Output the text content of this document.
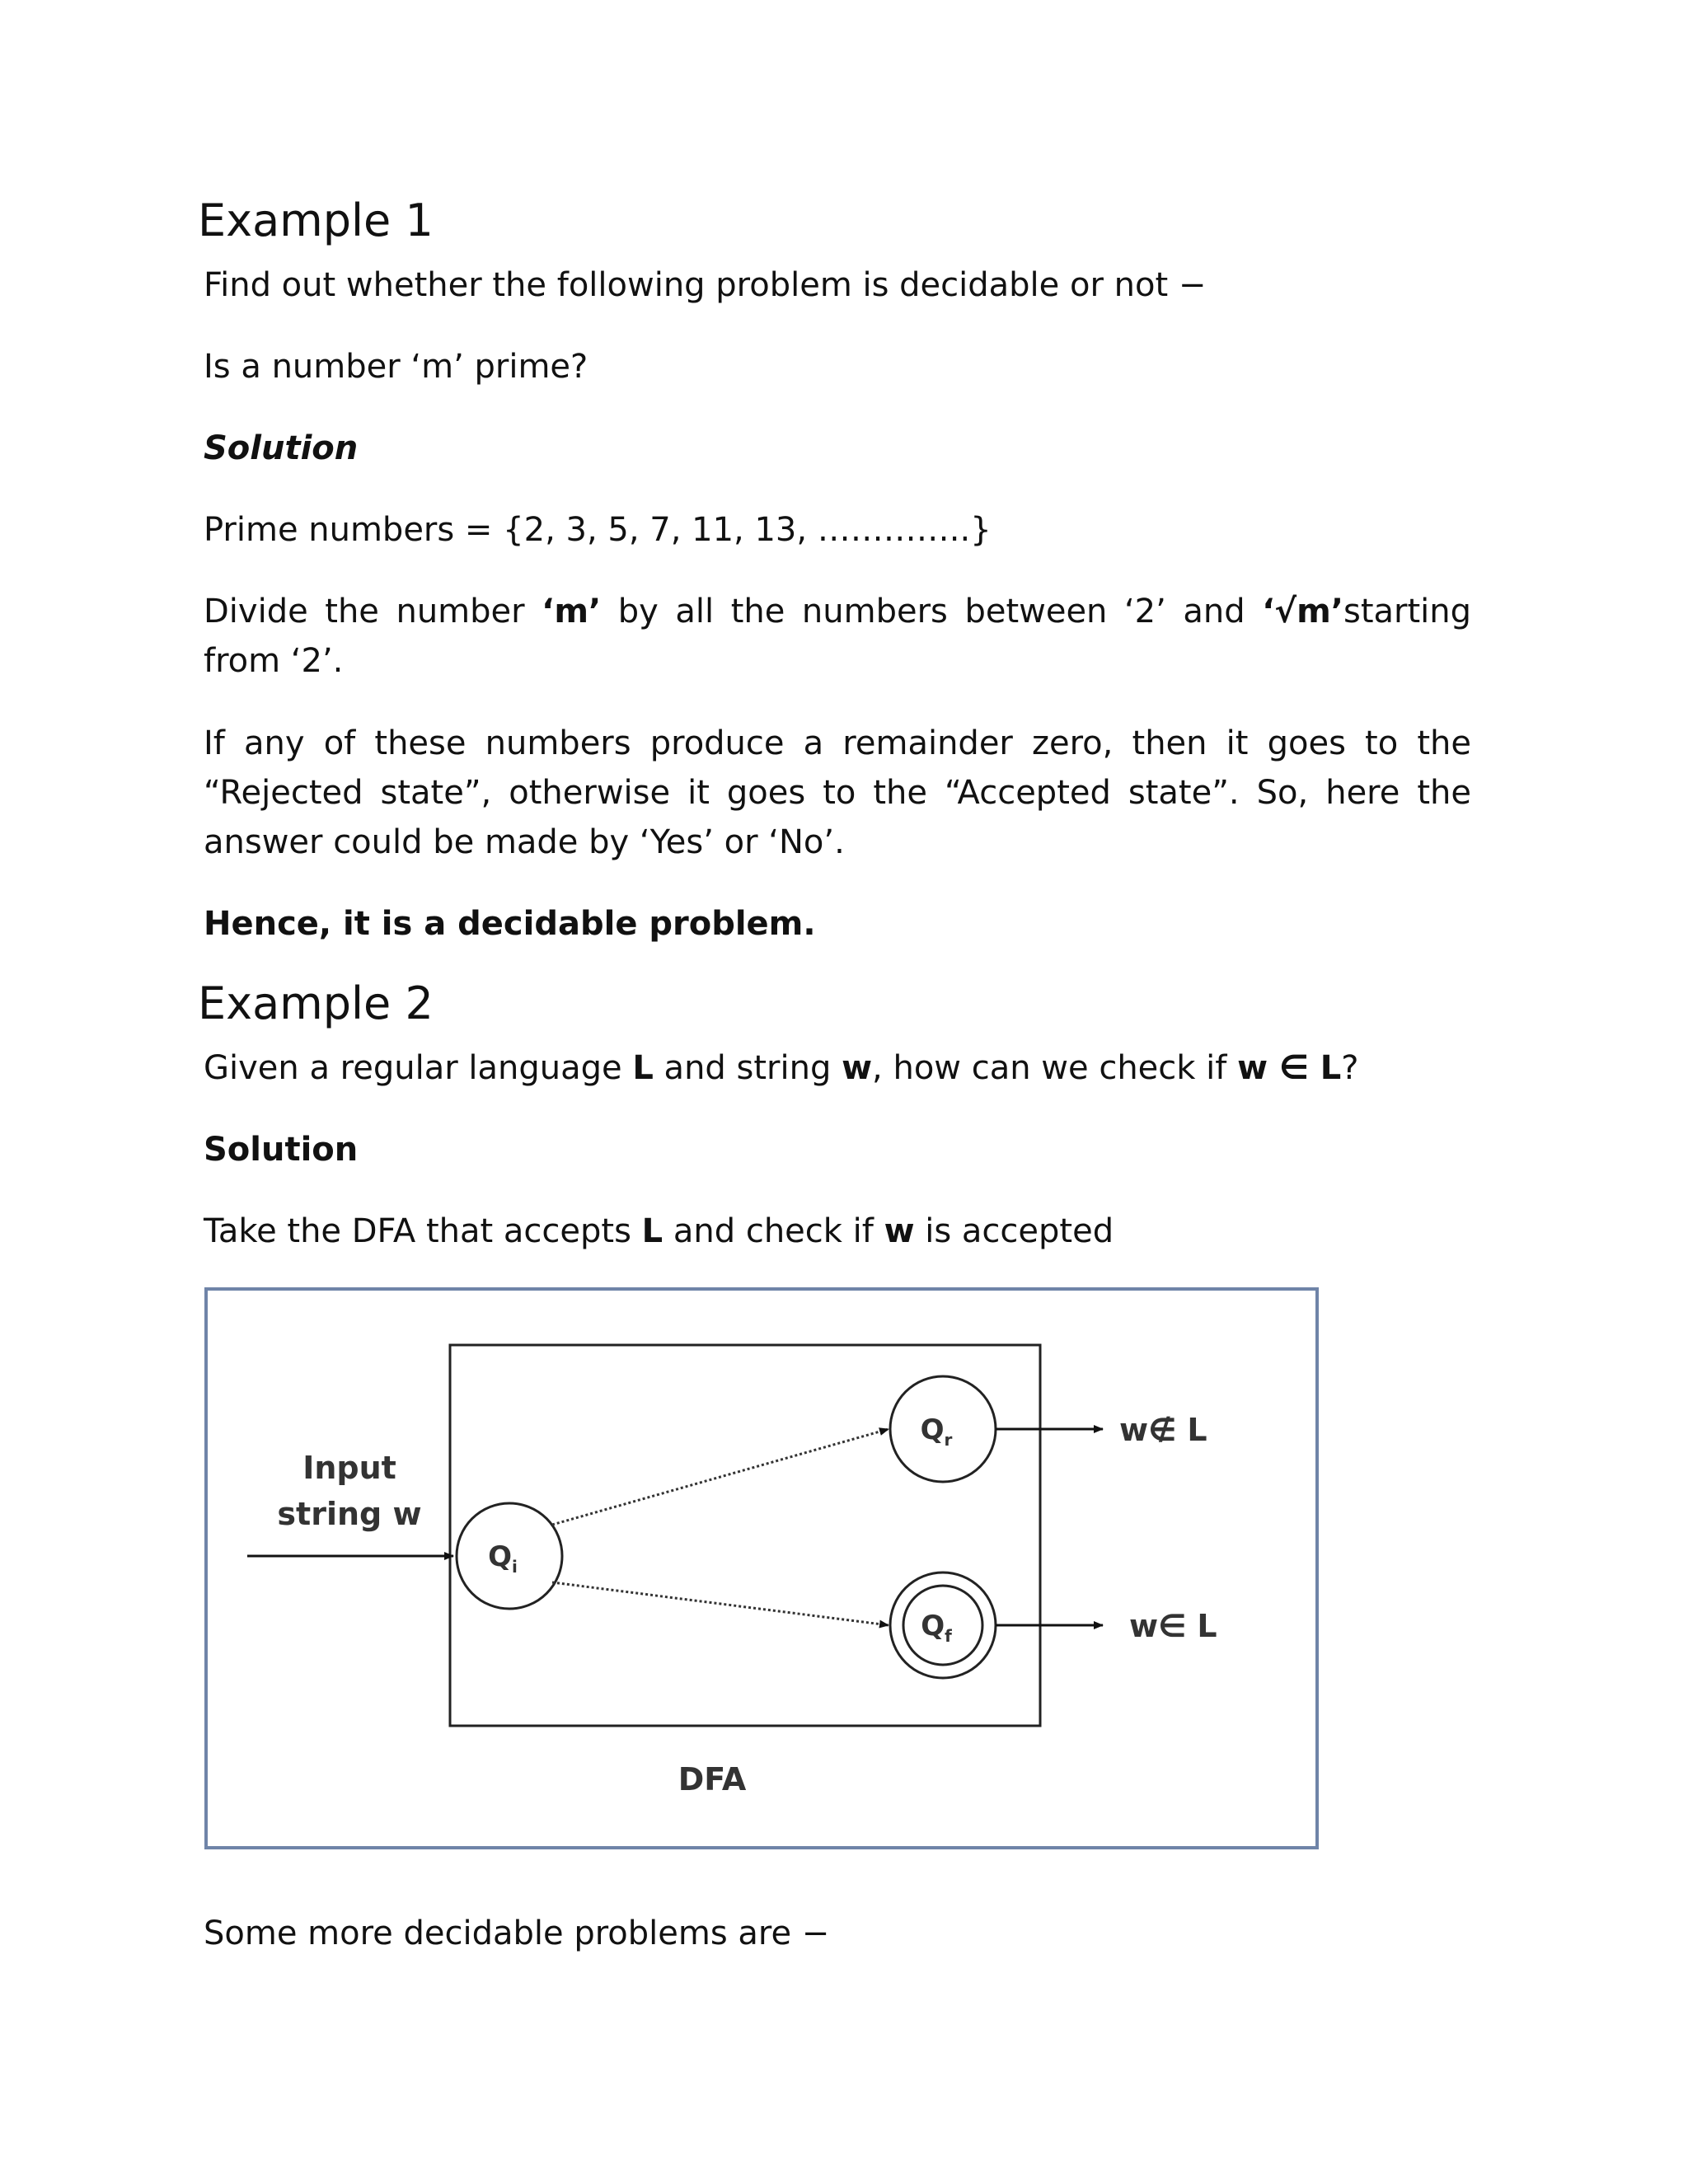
Example 1

Find out whether the following problem is decidable or not −

Is a number ‘m’ prime?

Solution

Prime numbers = {2, 3, 5, 7, 11, 13, …………..}

Divide the number ‘m’ by all the numbers between ‘2’ and ‘√m’starting
from ‘2’.

If any of these numbers produce a remainder zero, then it goes to the “Rejected state”, otherwise it goes to the “Accepted state”. So, here the answer could be made by ‘Yes’ or ‘No’.

Hence, it is a decidable problem.

Example 2

Given a regular language L and string w, how can we check if w ∈ L?

Solution

Take the DFA that accepts L and check if w is accepted

Input
string w
$Q_i$
$Q_r$
$Q_f$
w∉ L
w∈ L
DFA

Some more decidable problems are −
